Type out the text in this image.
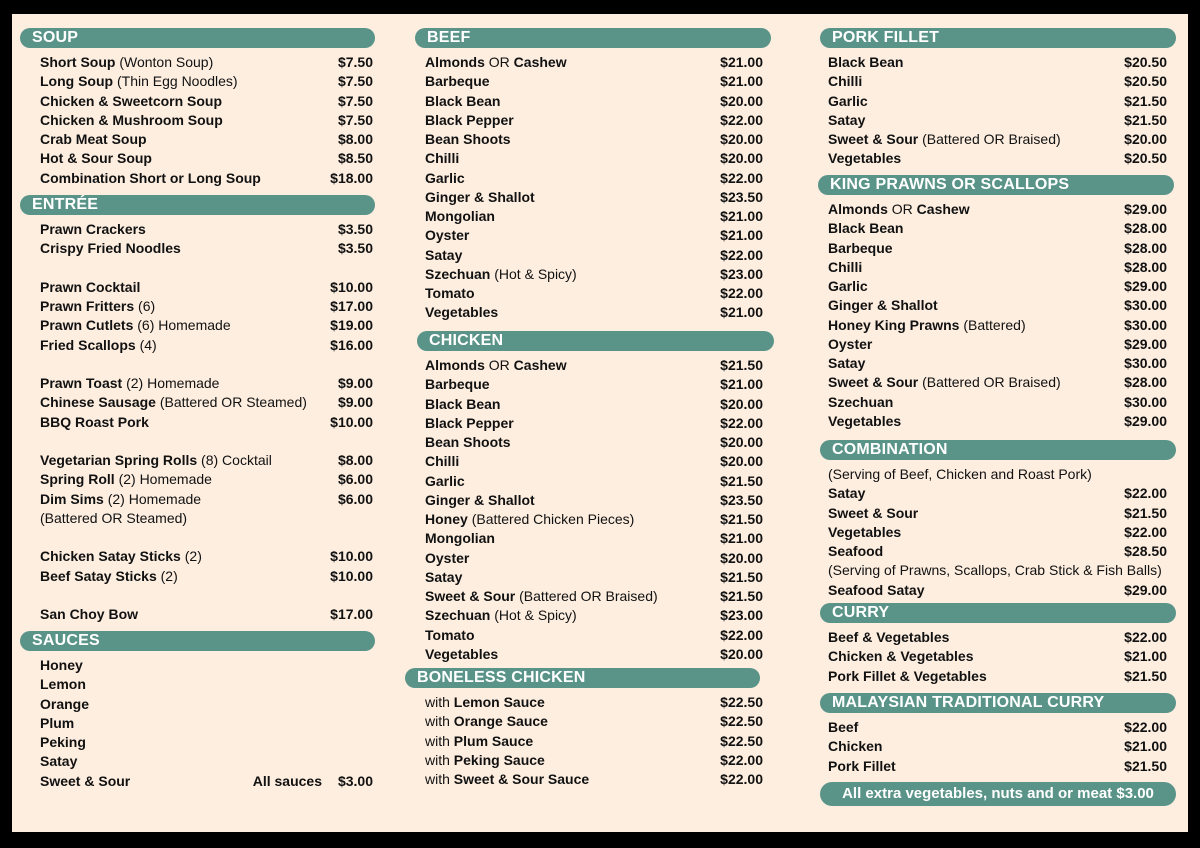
SOUP
Short Soup (Wonton Soup)	$7.50
Long Soup (Thin Egg Noodles)	$7.50
Chicken & Sweetcorn Soup	$7.50
Chicken & Mushroom Soup	$7.50
Crab Meat Soup	$8.00
Hot & Sour Soup	$8.50
Combination Short or Long Soup	$18.00
ENTRÉE
Prawn Crackers	$3.50
Crispy Fried Noodles	$3.50
Prawn Cocktail	$10.00
Prawn Fritters (6)	$17.00
Prawn Cutlets (6) Homemade	$19.00
Fried Scallops (4)	$16.00
Prawn Toast (2) Homemade	$9.00
Chinese Sausage (Battered OR Steamed) $9.00
BBQ Roast Pork	$10.00
Vegetarian Spring Rolls (8) Cocktail	$8.00
Spring Roll (2) Homemade	$6.00
Dim Sims (2) Homemade	$6.00
(Battered OR Steamed)
Chicken Satay Sticks (2)	$10.00
Beef Satay Sticks (2)	$10.00
San Choy Bow	$17.00
SAUCES
Honey
Lemon
Orange
Plum
Peking
Satay
Sweet & Sour	All sauces $3.00
BEEF
Almonds OR Cashew	$21.00
Barbeque	$21.00
Black Bean	$20.00
Black Pepper	$22.00
Bean Shoots	$20.00
Chilli	$20.00
Garlic	$22.00
Ginger & Shallot	$23.50
Mongolian	$21.00
Oyster	$21.00
Satay	$22.00
Szechuan (Hot & Spicy)	$23.00
Tomato	$22.00
Vegetables	$21.00
CHICKEN
Almonds OR Cashew	$21.50
Barbeque	$21.00
Black Bean	$20.00
Black Pepper	$22.00
Bean Shoots	$20.00
Chilli	$20.00
Garlic	$21.50
Ginger & Shallot	$23.50
Honey (Battered Chicken Pieces)	$21.50
Mongolian	$21.00
Oyster	$20.00
Satay	$21.50
Sweet & Sour (Battered OR Braised)	$21.50
Szechuan (Hot & Spicy)	$23.00
Tomato	$22.00
Vegetables	$20.00
BONELESS CHICKEN
with Lemon Sauce	$22.50
with Orange Sauce	$22.50
with Plum Sauce	$22.50
with Peking Sauce	$22.00
with Sweet & Sour Sauce	$22.00
PORK FILLET
Black Bean	$20.50
Chilli	$20.50
Garlic	$21.50
Satay	$21.50
Sweet & Sour (Battered OR Braised)	$20.00
Vegetables	$20.50
KING PRAWNS OR SCALLOPS
Almonds OR Cashew	$29.00
Black Bean	$28.00
Barbeque	$28.00
Chilli	$28.00
Garlic	$29.00
Ginger & Shallot	$30.00
Honey King Prawns (Battered)	$30.00
Oyster	$29.00
Satay	$30.00
Sweet & Sour (Battered OR Braised)	$28.00
Szechuan	$30.00
Vegetables	$29.00
COMBINATION
(Serving of Beef, Chicken and Roast Pork)
Satay	$22.00
Sweet & Sour	$21.50
Vegetables	$22.00
Seafood	$28.50
(Serving of Prawns, Scallops, Crab Stick & Fish Balls)
Seafood Satay	$29.00
CURRY
Beef & Vegetables	$22.00
Chicken & Vegetables	$21.00
Pork Fillet & Vegetables	$21.50
MALAYSIAN TRADITIONAL CURRY
Beef	$22.00
Chicken	$21.00
Pork Fillet	$21.50
All extra vegetables, nuts and or meat $3.00
